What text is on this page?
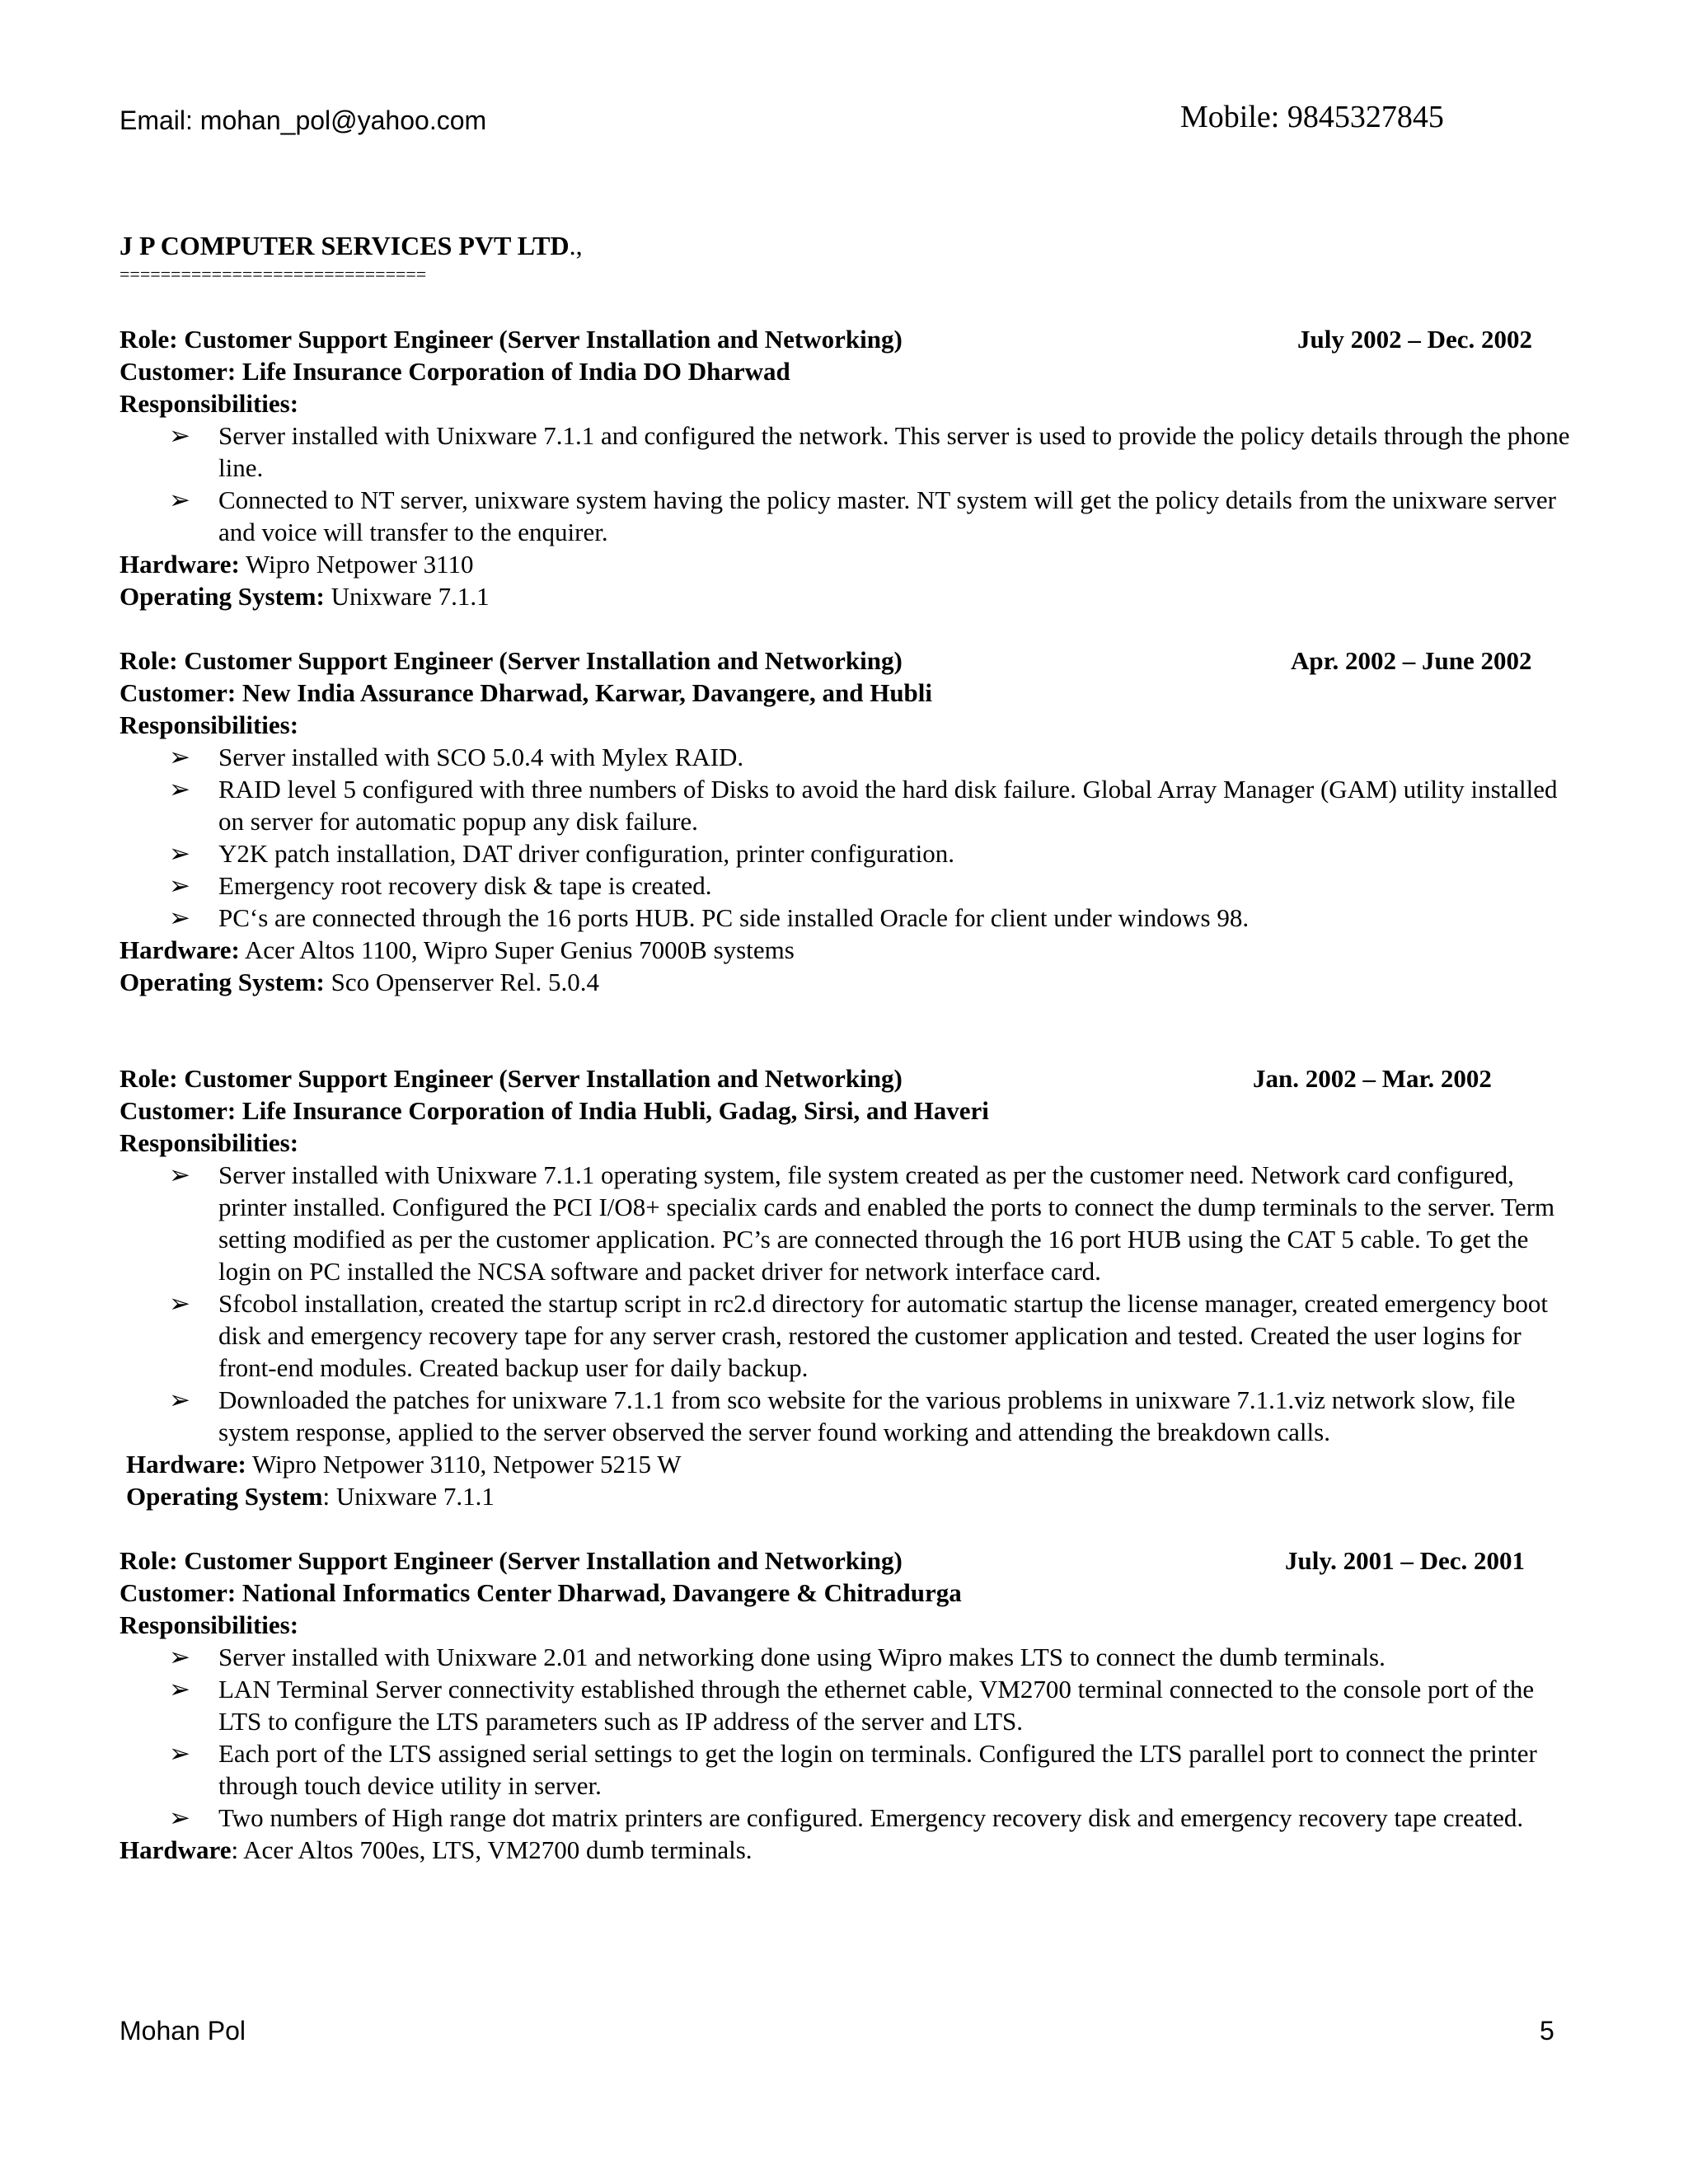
Email: mohan_pol@yahoo.com	Mobile: 9845327845
J P COMPUTER SERVICES PVT LTD.,
==============================
Role: Customer Support Engineer (Server Installation and Networking)	July 2002 – Dec. 2002
Customer: Life Insurance Corporation of India DO Dharwad
Responsibilities:
➢ Server installed with Unixware 7.1.1 and configured the network. This server is used to provide the policy details through the phone line.
➢ Connected to NT server, unixware system having the policy master. NT system will get the policy details from the unixware server and voice will transfer to the enquirer.
Hardware: Wipro Netpower 3110
Operating System: Unixware 7.1.1
Role: Customer Support Engineer (Server Installation and Networking)	Apr. 2002 – June 2002
Customer: New India Assurance Dharwad, Karwar, Davangere, and Hubli
Responsibilities:
➢ Server installed with SCO 5.0.4 with Mylex RAID.
➢ RAID level 5 configured with three numbers of Disks to avoid the hard disk failure. Global Array Manager (GAM) utility installed on server for automatic popup any disk failure.
➢ Y2K patch installation, DAT driver configuration, printer configuration.
➢ Emergency root recovery disk & tape is created.
➢ PC‘s are connected through the 16 ports HUB. PC side installed Oracle for client under windows 98.
Hardware: Acer Altos 1100, Wipro Super Genius 7000B systems
Operating System: Sco Openserver Rel. 5.0.4
Role: Customer Support Engineer (Server Installation and Networking)	Jan. 2002 – Mar. 2002
Customer: Life Insurance Corporation of India Hubli, Gadag, Sirsi, and Haveri
Responsibilities:
➢ Server installed with Unixware 7.1.1 operating system, file system created as per the customer need. Network card configured, printer installed. Configured the PCI I/O8+ specialix cards and enabled the ports to connect the dump terminals to the server. Term setting modified as per the customer application. PC’s are connected through the 16 port HUB using the CAT 5 cable. To get the login on PC installed the NCSA software and packet driver for network interface card.
➢ Sfcobol installation, created the startup script in rc2.d directory for automatic startup the license manager, created emergency boot disk and emergency recovery tape for any server crash, restored the customer application and tested. Created the user logins for front-end modules. Created backup user for daily backup.
➢ Downloaded the patches for unixware 7.1.1 from sco website for the various problems in unixware 7.1.1.viz network slow, file system response, applied to the server observed the server found working and attending the breakdown calls.
Hardware: Wipro Netpower 3110, Netpower 5215 W
Operating System: Unixware 7.1.1
Role: Customer Support Engineer (Server Installation and Networking)	July. 2001 – Dec. 2001
Customer: National Informatics Center Dharwad, Davangere & Chitradurga
Responsibilities:
➢ Server installed with Unixware 2.01 and networking done using Wipro makes LTS to connect the dumb terminals.
➢ LAN Terminal Server connectivity established through the ethernet cable, VM2700 terminal connected to the console port of the LTS to configure the LTS parameters such as IP address of the server and LTS.
➢ Each port of the LTS assigned serial settings to get the login on terminals. Configured the LTS parallel port to connect the printer through touch device utility in server.
➢ Two numbers of High range dot matrix printers are configured. Emergency recovery disk and emergency recovery tape created.
Hardware: Acer Altos 700es, LTS, VM2700 dumb terminals.
Mohan Pol	5
